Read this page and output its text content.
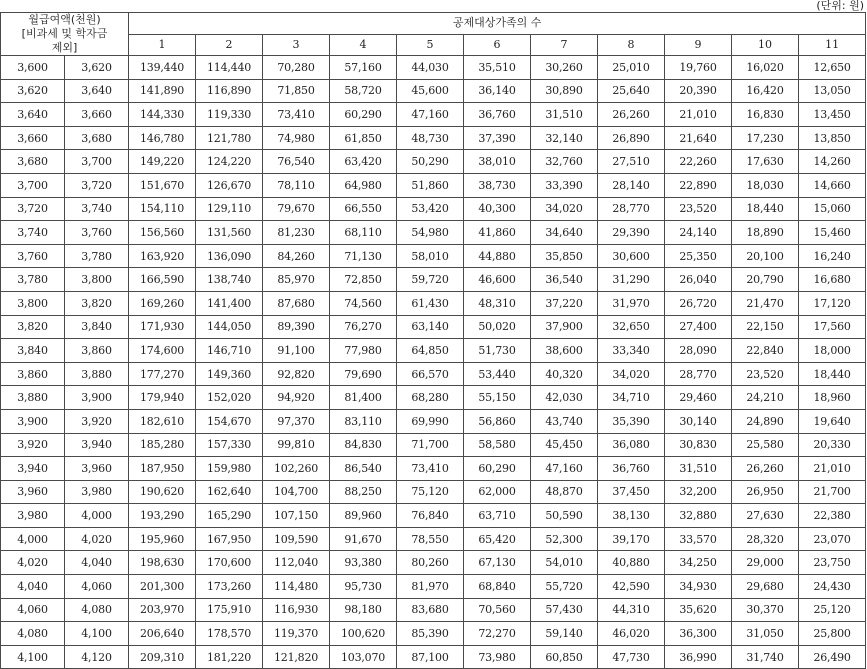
(단위: 원)
월급여액(천원)
[비과세 및 학자금
제외]		공제대상가족의 수										
		1	2	3	4	5	6	7	8	9	10	11
3,600	3,620	139,440	114,440	70,280	57,160	44,030	35,510	30,260	25,010	19,760	16,020	12,650
3,620	3,640	141,890	116,890	71,850	58,720	45,600	36,140	30,890	25,640	20,390	16,420	13,050
3,640	3,660	144,330	119,330	73,410	60,290	47,160	36,760	31,510	26,260	21,010	16,830	13,450
3,660	3,680	146,780	121,780	74,980	61,850	48,730	37,390	32,140	26,890	21,640	17,230	13,850
3,680	3,700	149,220	124,220	76,540	63,420	50,290	38,010	32,760	27,510	22,260	17,630	14,260
3,700	3,720	151,670	126,670	78,110	64,980	51,860	38,730	33,390	28,140	22,890	18,030	14,660
3,720	3,740	154,110	129,110	79,670	66,550	53,420	40,300	34,020	28,770	23,520	18,440	15,060
3,740	3,760	156,560	131,560	81,230	68,110	54,980	41,860	34,640	29,390	24,140	18,890	15,460
3,760	3,780	163,920	136,090	84,260	71,130	58,010	44,880	35,850	30,600	25,350	20,100	16,240
3,780	3,800	166,590	138,740	85,970	72,850	59,720	46,600	36,540	31,290	26,040	20,790	16,680
3,800	3,820	169,260	141,400	87,680	74,560	61,430	48,310	37,220	31,970	26,720	21,470	17,120
3,820	3,840	171,930	144,050	89,390	76,270	63,140	50,020	37,900	32,650	27,400	22,150	17,560
3,840	3,860	174,600	146,710	91,100	77,980	64,850	51,730	38,600	33,340	28,090	22,840	18,000
3,860	3,880	177,270	149,360	92,820	79,690	66,570	53,440	40,320	34,020	28,770	23,520	18,440
3,880	3,900	179,940	152,020	94,920	81,400	68,280	55,150	42,030	34,710	29,460	24,210	18,960
3,900	3,920	182,610	154,670	97,370	83,110	69,990	56,860	43,740	35,390	30,140	24,890	19,640
3,920	3,940	185,280	157,330	99,810	84,830	71,700	58,580	45,450	36,080	30,830	25,580	20,330
3,940	3,960	187,950	159,980	102,260	86,540	73,410	60,290	47,160	36,760	31,510	26,260	21,010
3,960	3,980	190,620	162,640	104,700	88,250	75,120	62,000	48,870	37,450	32,200	26,950	21,700
3,980	4,000	193,290	165,290	107,150	89,960	76,840	63,710	50,590	38,130	32,880	27,630	22,380
4,000	4,020	195,960	167,950	109,590	91,670	78,550	65,420	52,300	39,170	33,570	28,320	23,070
4,020	4,040	198,630	170,600	112,040	93,380	80,260	67,130	54,010	40,880	34,250	29,000	23,750
4,040	4,060	201,300	173,260	114,480	95,730	81,970	68,840	55,720	42,590	34,930	29,680	24,430
4,060	4,080	203,970	175,910	116,930	98,180	83,680	70,560	57,430	44,310	35,620	30,370	25,120
4,080	4,100	206,640	178,570	119,370	100,620	85,390	72,270	59,140	46,020	36,300	31,050	25,800
4,100	4,120	209,310	181,220	121,820	103,070	87,100	73,980	60,850	47,730	36,990	31,740	26,490
